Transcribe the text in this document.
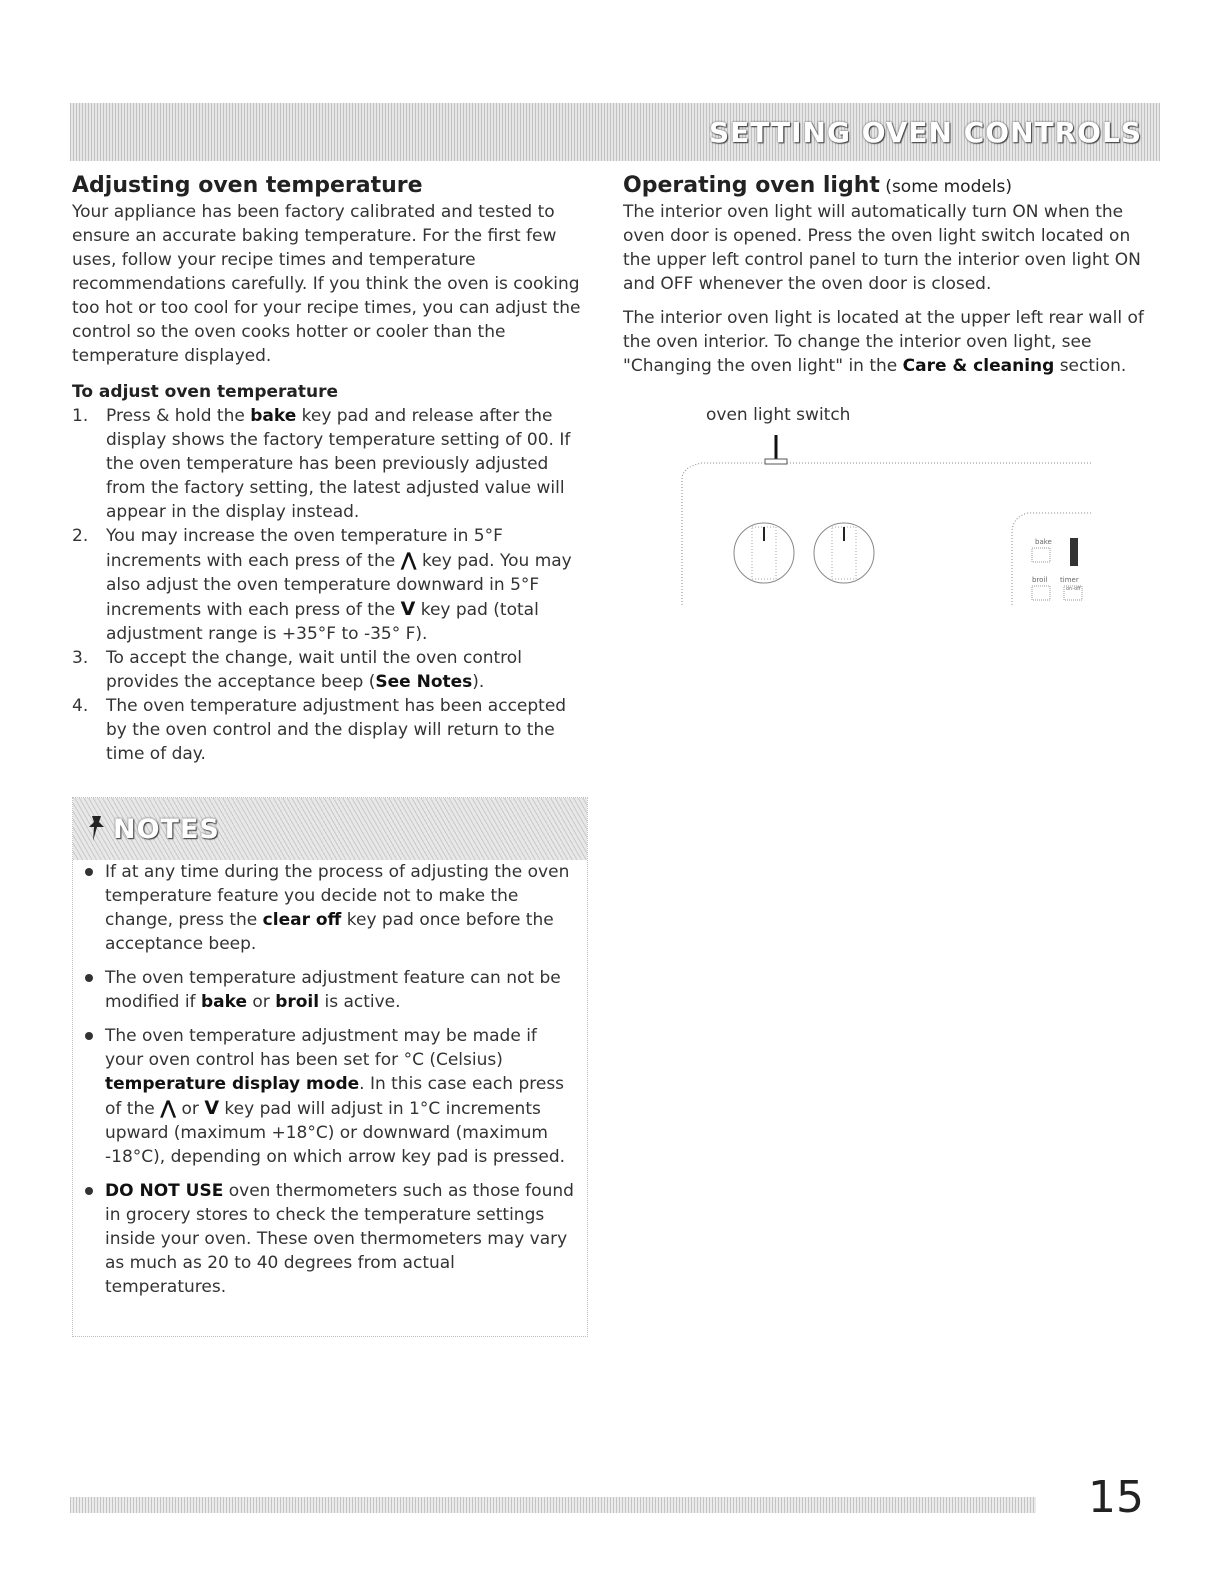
SETTING OVEN CONTROLS
Adjusting oven temperature

Your appliance has been factory calibrated and tested to ensure an accurate baking temperature. For the first few uses, follow your recipe times and temperature recommendations carefully. If you think the oven is cooking too hot or too cool for your recipe times, you can adjust the control so the oven cooks hotter or cooler than the temperature displayed.

To adjust oven temperature
1. Press & hold the bake key pad and release after the display shows the factory temperature setting of 00. If the oven temperature has been previously adjusted from the factory setting, the latest adjusted value will appear in the display instead.
2. You may increase the oven temperature in 5°F increments with each press of the ⋀ key pad. You may also adjust the oven temperature downward in 5°F increments with each press of the V key pad (total adjustment range is +35°F to -35° F).
3. To accept the change, wait until the oven control provides the acceptance beep (See Notes).
4. The oven temperature adjustment has been accepted by the oven control and the display will return to the time of day.
NOTES
If at any time during the process of adjusting the oven temperature feature you decide not to make the change, press the clear off key pad once before the acceptance beep.
The oven temperature adjustment feature can not be modified if bake or broil is active.
The oven temperature adjustment may be made if your oven control has been set for °C (Celsius) temperature display mode. In this case each press of the ⋀ or V key pad will adjust in 1°C increments upward (maximum +18°C) or downward (maximum -18°C), depending on which arrow key pad is pressed.
DO NOT USE oven thermometers such as those found in grocery stores to check the temperature settings inside your oven. These oven thermometers may vary as much as 20 to 40 degrees from actual temperatures.
Operating oven light (some models)

The interior oven light will automatically turn ON when the oven door is opened. Press the oven light switch located on the upper left control panel to turn the interior oven light ON and OFF whenever the oven door is closed.

The interior oven light is located at the upper left rear wall of the oven interior. To change the interior oven light, see "Changing the oven light" in the Care & cleaning section.

oven light switch
bake
broil timer
on-off
15
